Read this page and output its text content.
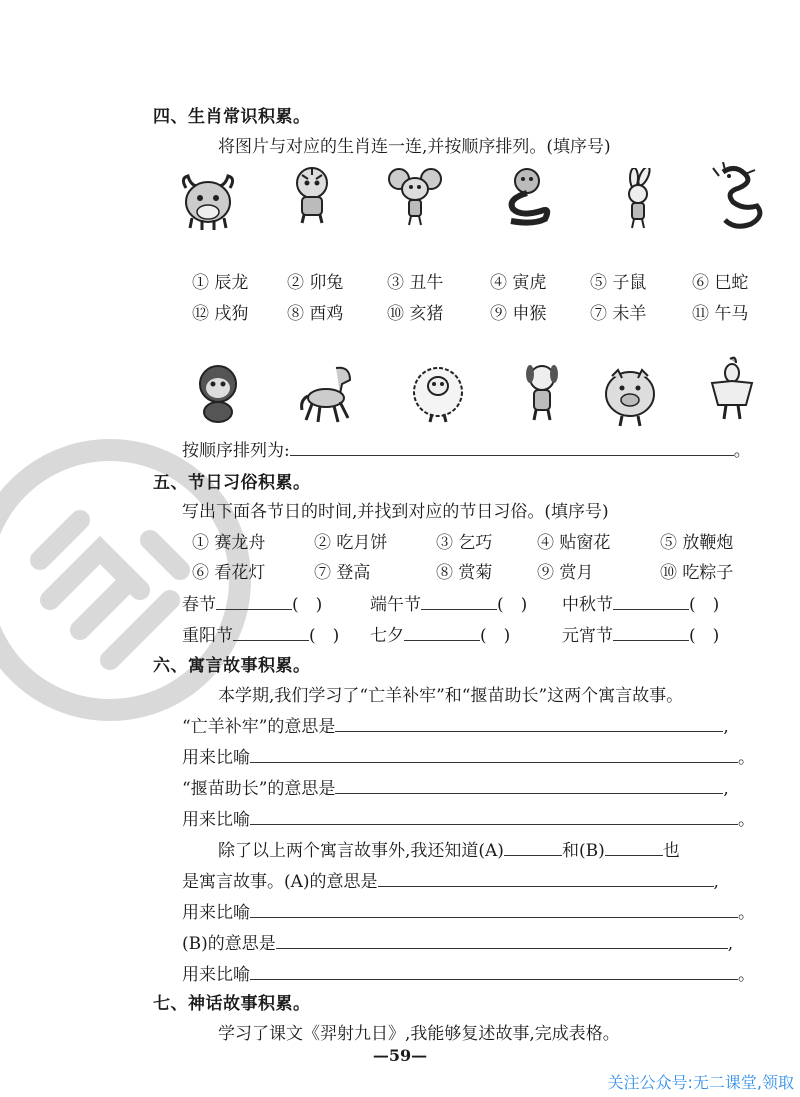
四、生肖常识积累。
将图片与对应的生肖连一连,并按顺序排列。(填序号)
① 辰龙 ② 卯兔	③ 丑牛	④ 寅虎	⑤ 子鼠	⑥ 巳蛇
⑫ 戌狗 ⑧ 酉鸡	⑩ 亥猪	⑨ 申猴	⑦ 未羊	⑪ 午马
按顺序排列为:	。
五、节日习俗积累。
写出下面各节日的时间,并找到对应的节日习俗。(填序号)
① 赛龙舟	② 吃月饼	③ 乞巧	④ 贴窗花	⑤ 放鞭炮
⑥ 看花灯	⑦ 登高	⑧ 赏菊	⑨ 赏月	⑩ 吃粽子
春节	(　)	端午节	(　) 中秋节	(　)
重阳节	(　) 七夕	(　)	元宵节	(　)
六、寓言故事积累。
本学期,我们学习了“亡羊补牢”和“揠苗助长”这两个寓言故事。
“亡羊补牢”的意思是	,
用来比喻	。
“揠苗助长”的意思是	,
用来比喻	。
除了以上两个寓言故事外,我还知道(A)	和(B)	也
是寓言故事。(A)的意思是	,
用来比喻	。
(B)的意思是	,
用来比喻	。
七、神话故事积累。
学习了课文《羿射九日》,我能够复述故事,完成表格。
—59—
关注公众号:无二课堂,领取
